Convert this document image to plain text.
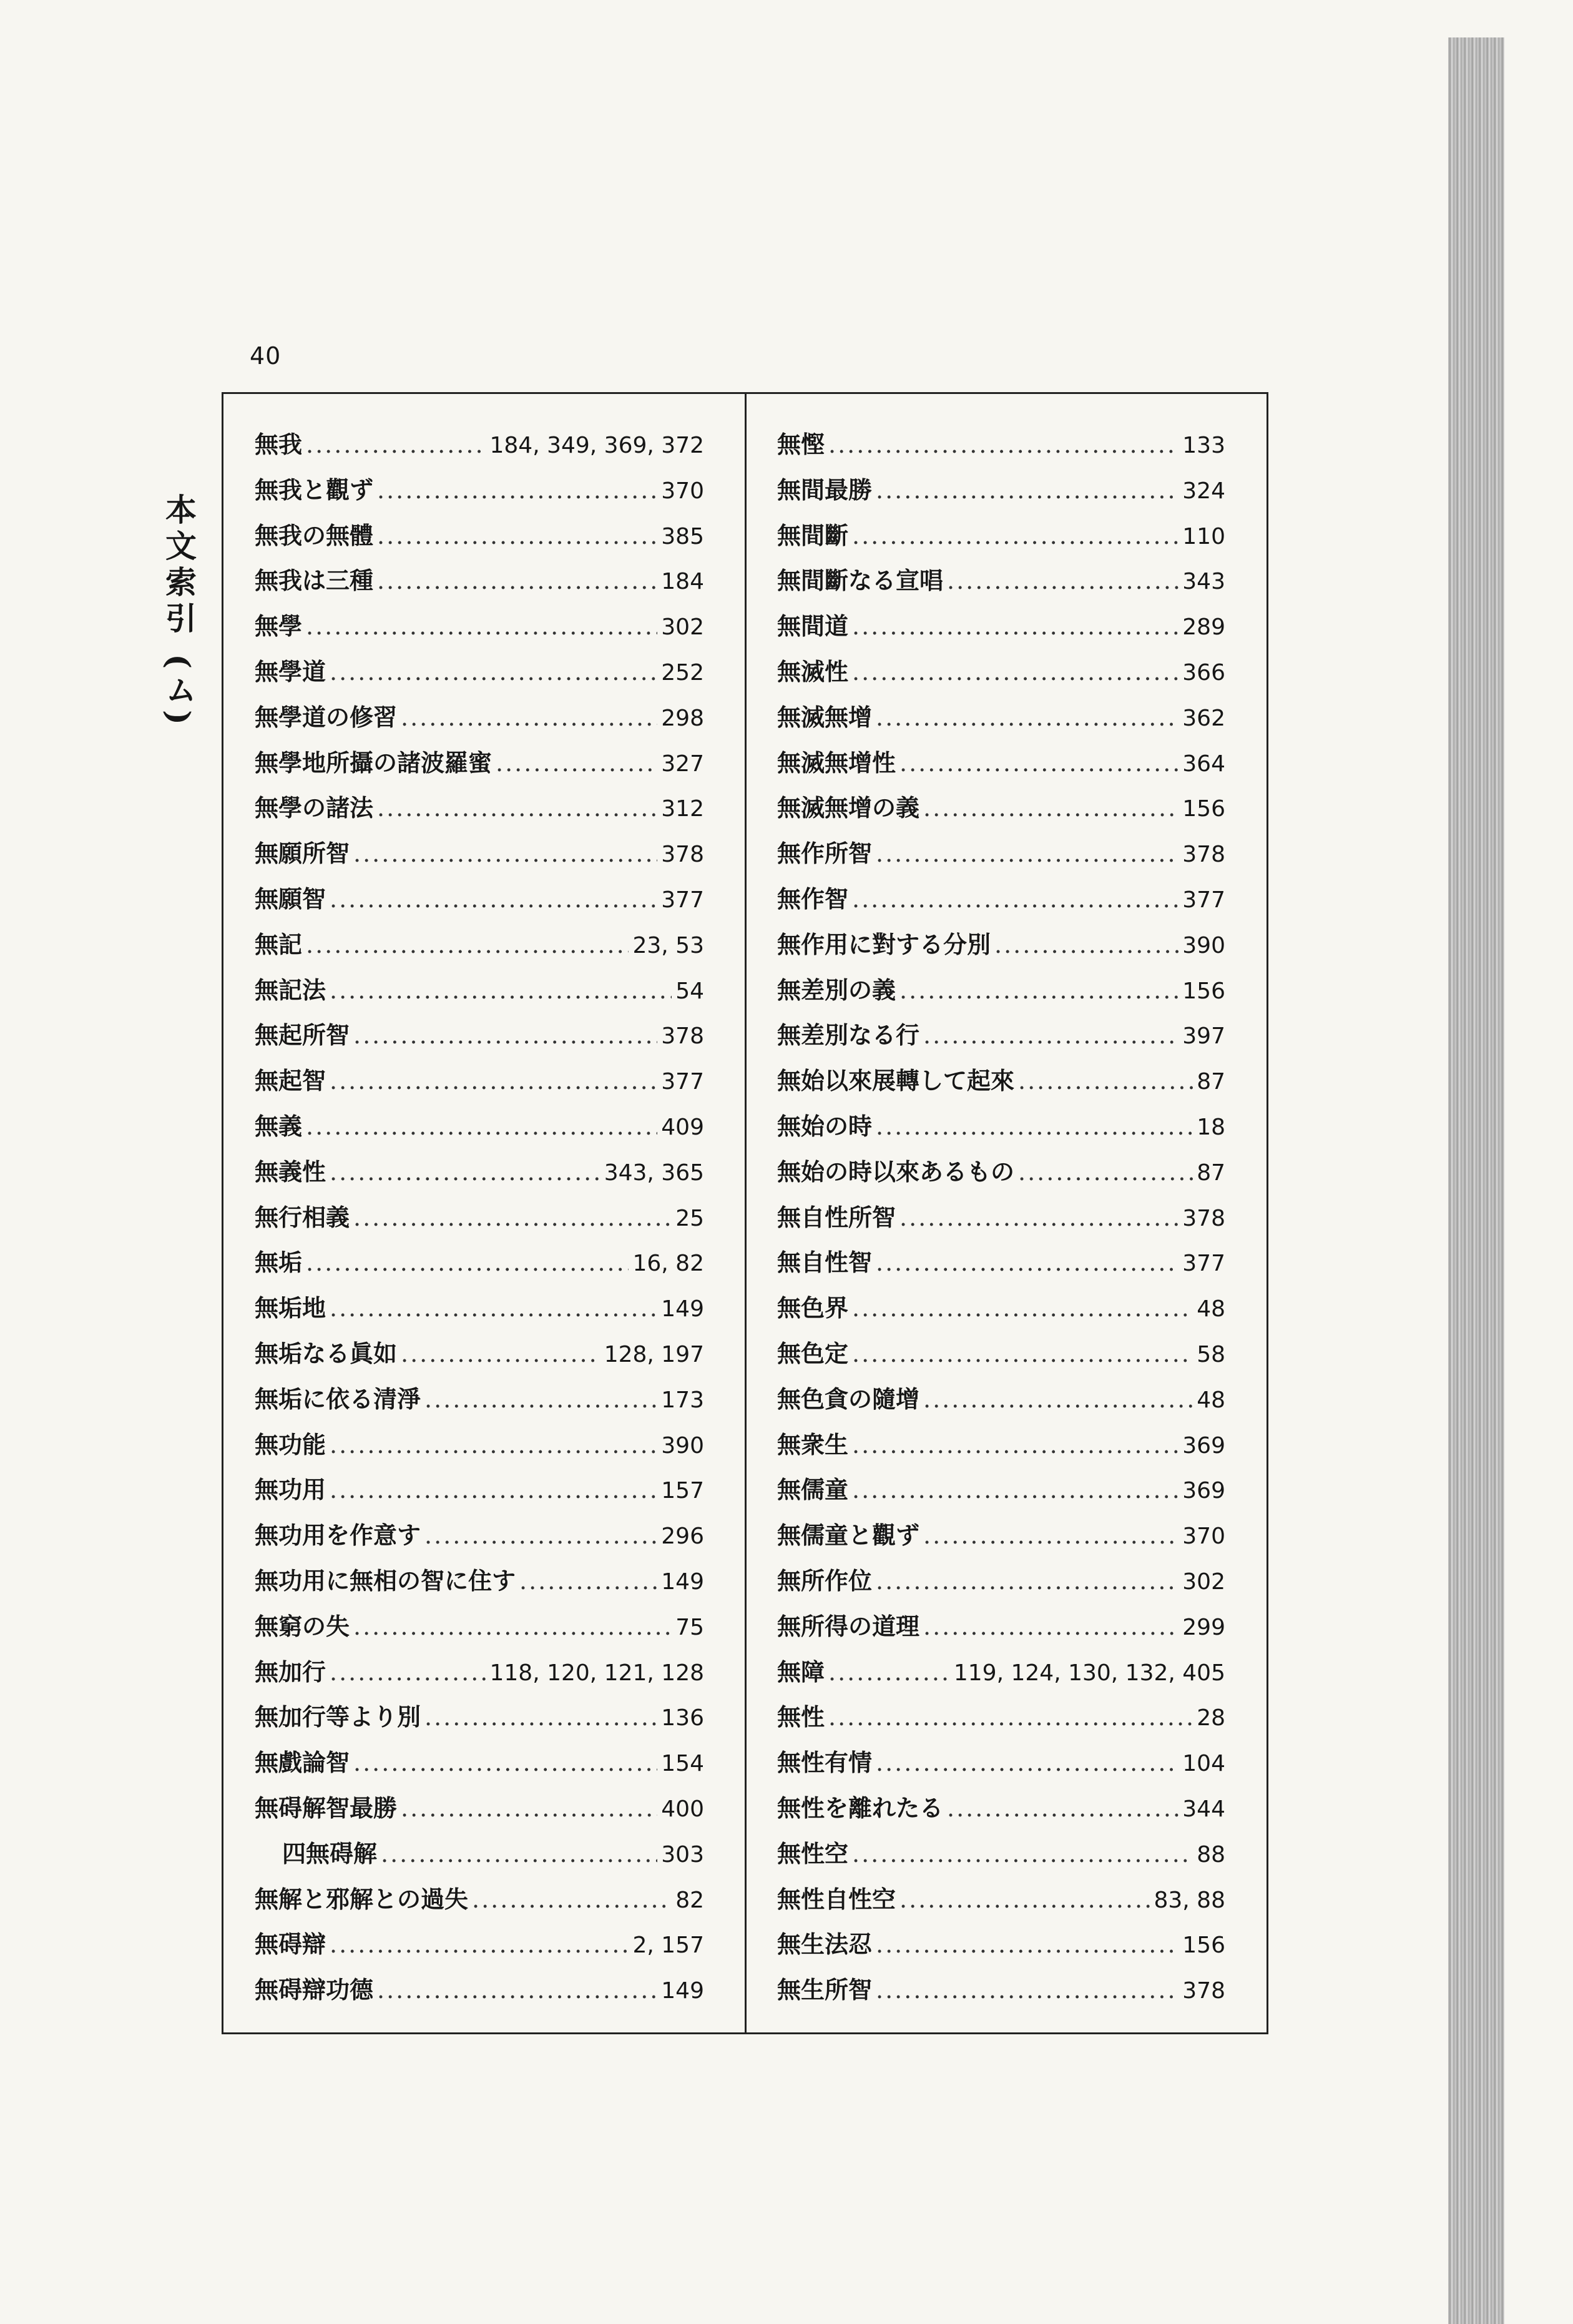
40
本文索引 (ム)
無我 .....	184, 349, 369, 372
無我と觀ず .....	370
無我の無體 .....	385
無我は三種 .....	184
無學 .....	302
無學道 .....	252
無學道の修習 .....	298
無學地所攝の諸波羅蜜 .....	327
無學の諸法 .....	312
無願所智 .....	378
無願智 .....	377
無記 .....	23, 53
無記法 .....	54
無起所智 .....	378
無起智 .....	377
無義 .....	409
無義性 .....	343, 365
無行相義 .....	25
無垢 .....	16, 82
無垢地 .....	149
無垢なる眞如 .....	128, 197
無垢に依る清淨 .....	173
無功能 .....	390
無功用 .....	157
無功用を作意す .....	296
無功用に無相の智に住す .....	149
無窮の失 .....	75
無加行 .....	118, 120, 121, 128
無加行等より別 .....	136
無戲論智 .....	154
無碍解智最勝 .....	400
四無碍解 .....	303
無解と邪解との過失 .....	82
無碍辯 .....	2, 157
無碍辯功德 .....	149
無慳 .....	133
無間最勝 .....	324
無間斷 .....	110
無間斷なる宣唱 .....	343
無間道 .....	289
無滅性 .....	366
無滅無增 .....	362
無滅無增性 .....	364
無滅無增の義 .....	156
無作所智 .....	378
無作智 .....	377
無作用に對する分別 .....	390
無差別の義 .....	156
無差別なる行 .....	397
無始以來展轉して起來 .....	87
無始の時 .....	18
無始の時以來あるもの .....	87
無自性所智 .....	378
無自性智 .....	377
無色界 .....	48
無色定 .....	58
無色貪の隨增 .....	48
無衆生 .....	369
無儒童 .....	369
無儒童と觀ず .....	370
無所作位 .....	302
無所得の道理 .....	299
無障 .....	119, 124, 130, 132, 405
無性 .....	28
無性有情 .....	104
無性を離れたる .....	344
無性空 .....	88
無性自性空 .....	83, 88
無生法忍 .....	156
無生所智 .....	378
